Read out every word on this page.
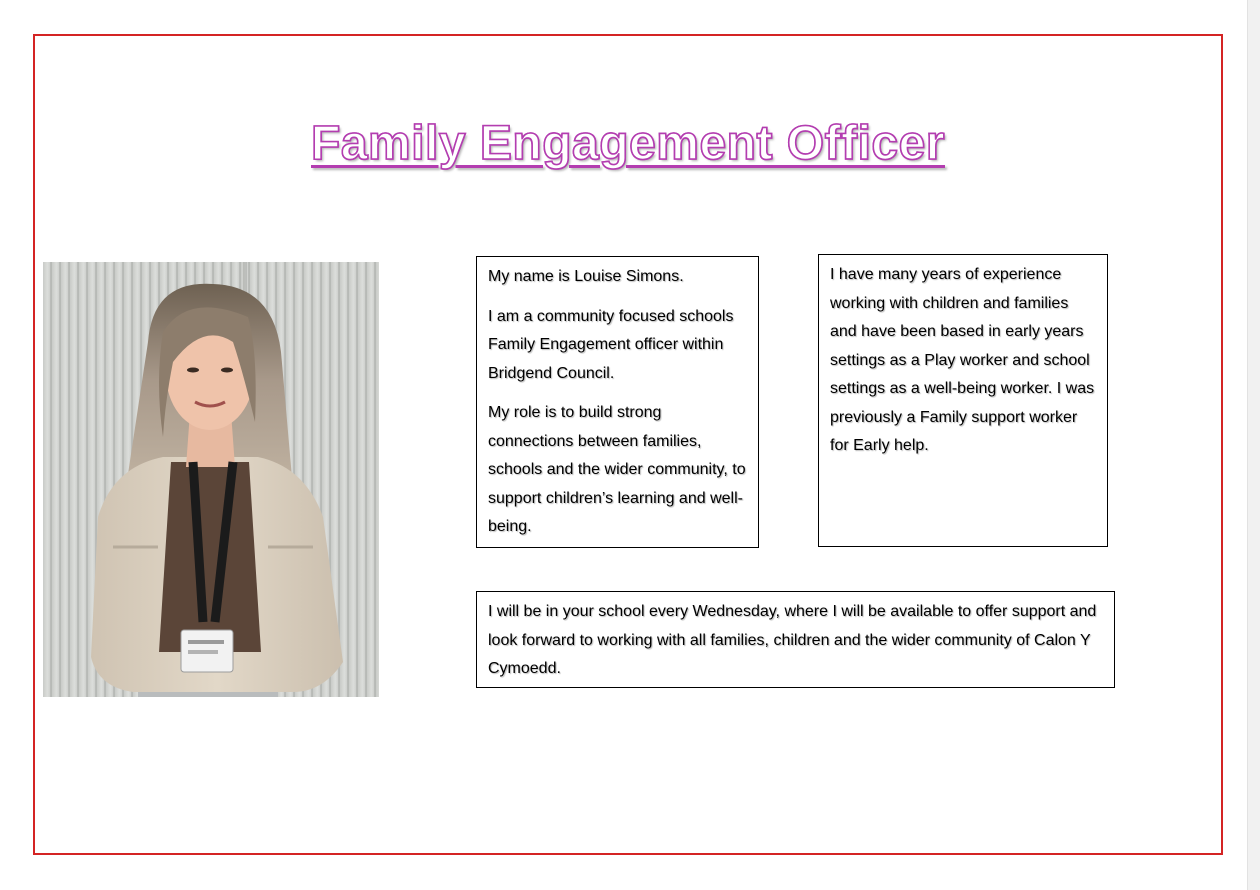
Family Engagement Officer

My name is Louise Simons.

I am a community focused schools Family Engagement officer within Bridgend Council.

My role is to build strong connections between families, schools and the wider community, to support children’s learning and well-being.

I have many years of experience working with children and families and have been based in early years settings as a Play worker and school settings as a well-being worker. I was previously a Family support worker for Early help.

I will be in your school every Wednesday, where I will be available to offer support and look forward to working with all families, children and the wider community of Calon Y Cymoedd.
